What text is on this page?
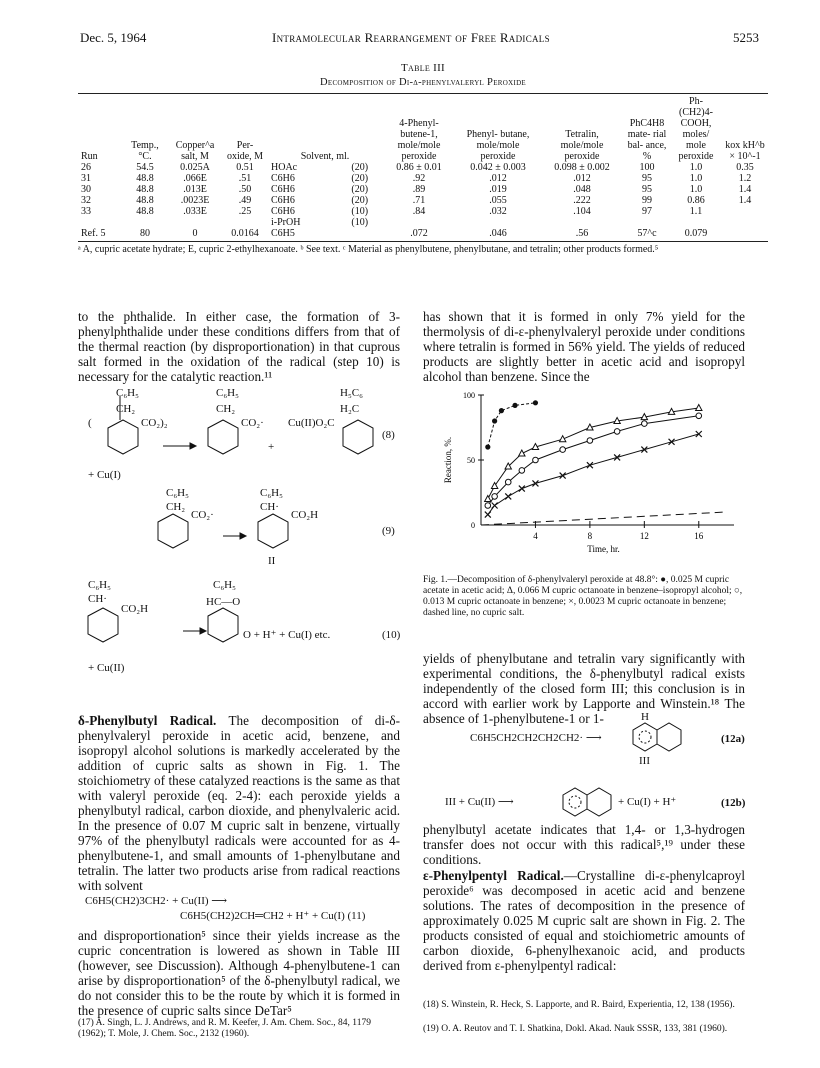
Dec. 5, 1964	Intramolecular Rearrangement of Free Radicals	5253
Table III
Decomposition of Di-δ-phenylvaleryl Peroxide
Run	Temp., °C.	Copper^a salt, M	Per- oxide, M	Solvent, ml.		4-Phenyl- butene-1, mole/mole peroxide	Phenyl- butane, mole/mole peroxide	Tetralin, mole/mole peroxide	PhC4H8 mate- rial bal- ance, %	Ph- (CH2)4- COOH, moles/ mole peroxide	kox kH^b × 10^-1
26	54.5	0.025A	0.51	HOAc	(20)	0.86 ± 0.01	0.042 ± 0.003	0.098 ± 0.002	100	1.0	0.35
31	48.8	.066E	.51	C6H6	(20)	.92	.012	.012	95	1.0	1.2
30	48.8	.013E	.50	C6H6	(20)	.89	.019	.048	95	1.0	1.4
32	48.8	.0023E	.49	C6H6	(20)	.71	.055	.222	99	0.86	1.4
33	48.8	.033E	.25	C6H6	(10)	.84	.032	.104	97	1.1	
				i-PrOH	(10)						
Ref. 5	80	0	0.0164	C6H5		.072	.046	.56	57^c	0.079	
ᵃ A, cupric acetate hydrate; E, cupric 2-ethylhexanoate. ᵇ See text. ᶜ Material as phenylbutene, phenylbutane, and tetralin; other products formed.⁵
to the phthalide. In either case, the formation of 3-phenylphthalide under these conditions differs from that of the thermal reaction (by disproportionation) in that cuprous salt formed in the oxidation of the radical (step 10) is necessary for the catalytic reaction.¹¹
C₆H₅
CH₂
(	CO₂)₂
C₆H₅
CH₂
CO₂·
+
Cu(II)O₂C
H₅C₆
H₂C
(8)
+ Cu(I)
C₆H₅
CH₂
CO₂·
C₆H₅
CH·
CO₂H
(9)
II
C₆H₅
CH·
CO₂H
C₆H₅
HC—O
O + H⁺ + Cu(I) etc.	(10)
+ Cu(II)
δ-Phenylbutyl Radical. The decomposition of di-δ-phenylvaleryl peroxide in acetic acid, benzene, and isopropyl alcohol solutions is markedly accelerated by the addition of cupric salts as shown in Fig. 1. The stoichiometry of these catalyzed reactions is the same as that with valeryl peroxide (eq. 2-4): each peroxide yields a phenylbutyl radical, carbon dioxide, and phenylvaleric acid. In the presence of 0.07 M cupric salt in benzene, virtually 97% of the phenylbutyl radicals were accounted for as 4-phenylbutene-1, and small amounts of 1-phenylbutane and tetralin. The latter two products arise from radical reactions with solvent
C6H5(CH2)3CH2· + Cu(II) ⟶
C6H5(CH2)2CH═CH2 + H⁺ + Cu(I) (11)
and disproportionation⁵ since their yields increase as the cupric concentration is lowered as shown in Table III (however, see Discussion). Although 4-phenylbutene-1 can arise by disproportionation⁵ of the δ-phenylbutyl radical, we do not consider this to be the route by which it is formed in the presence of cupric salts since DeTar⁵
(17) A. Singh, L. J. Andrews, and R. M. Keefer, J. Am. Chem. Soc., 84, 1179 (1962); T. Mole, J. Chem. Soc., 2132 (1960).
has shown that it is formed in only 7% yield for the thermolysis of di-ε-phenylvaleryl peroxide under conditions where tetralin is formed in 56% yield. The yields of reduced products are slightly better in acetic acid and isopropyl alcohol than benzene. Since the
4	8	12	16
50
100
0
Time, hr.
Reaction, %.
Fig. 1.—Decomposition of δ-phenylvaleryl peroxide at 48.8°: ●, 0.025 M cupric acetate in acetic acid; Δ, 0.066 M cupric octanoate in benzene–isopropyl alcohol; ○, 0.013 M cupric octanoate in benzene; ×, 0.0023 M cupric octanoate in benzene; dashed line, no cupric salt.
yields of phenylbutane and tetralin vary significantly with experimental conditions, the δ-phenylbutyl radical exists independently of the closed form III; this conclusion is in accord with earlier work by Lapporte and Winstein.¹⁸ The absence of 1-phenylbutene-1 or 1-	H
III
(12a)
(12b)
C6H5CH2CH2CH2CH2· ⟶
III + Cu(II) ⟶	+ Cu(I) + H⁺
phenylbutyl acetate indicates that 1,4- or 1,3-hydrogen transfer does not occur with this radical⁵,¹⁹ under these conditions.
ε-Phenylpentyl Radical.—Crystalline di-ε-phenylcaproyl peroxide⁶ was decomposed in acetic acid and benzene solutions. The rates of decomposition in the presence of approximately 0.025 M cupric salt are shown in Fig. 2. The products consisted of equal and stoichiometric amounts of carbon dioxide, 6-phenylhexanoic acid, and products derived from ε-phenylpentyl radical:
(18) S. Winstein, R. Heck, S. Lapporte, and R. Baird, Experientia, 12, 138 (1956).
(19) O. A. Reutov and T. I. Shatkina, Dokl. Akad. Nauk SSSR, 133, 381 (1960).
